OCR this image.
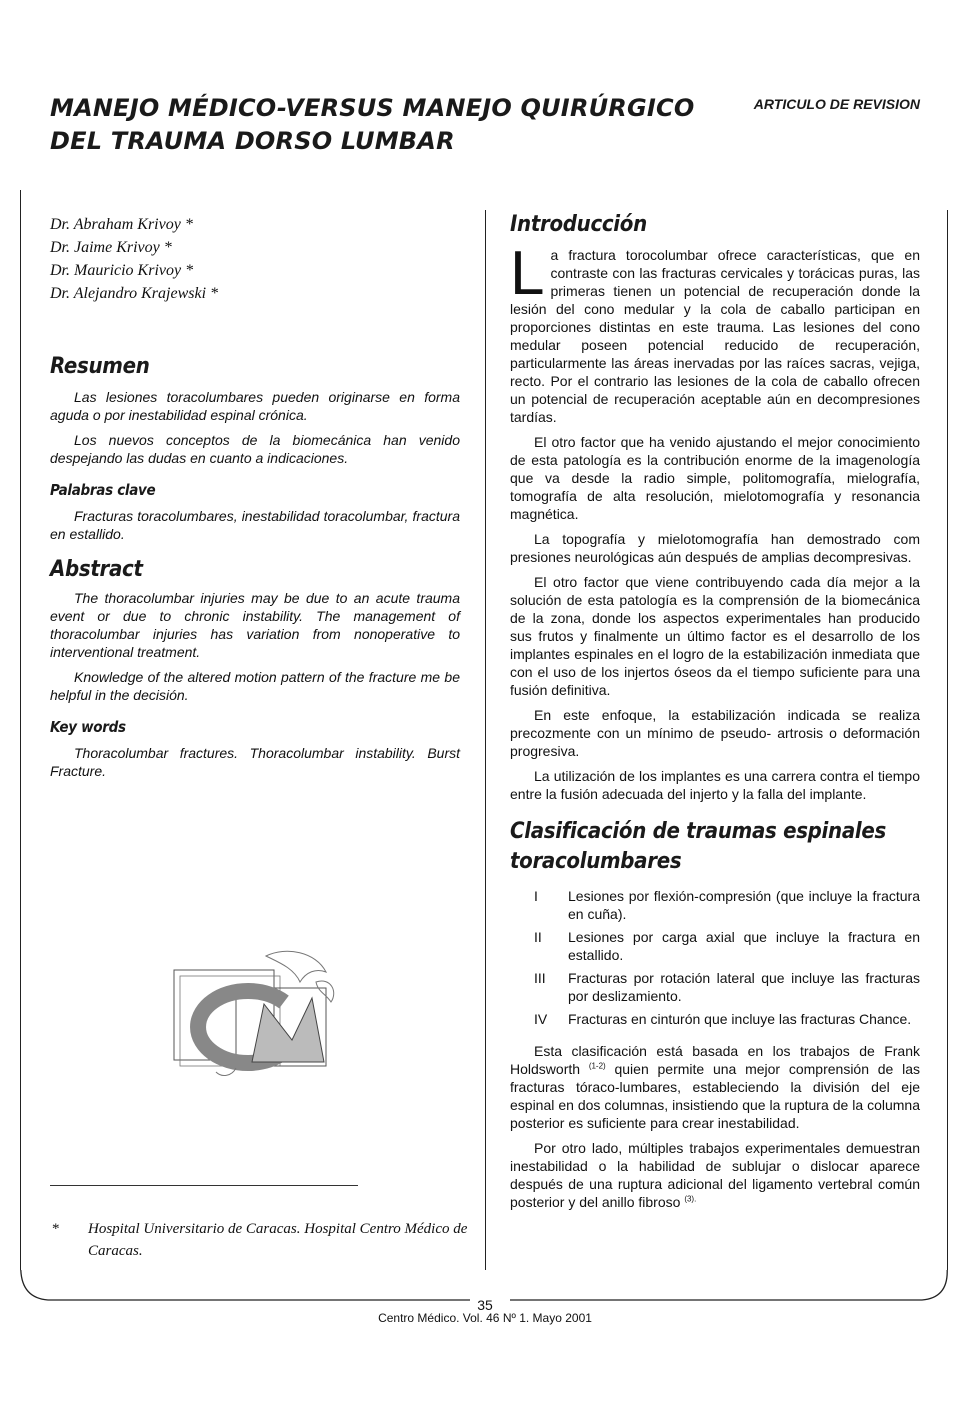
MANEJO MÉDICO-VERSUS MANEJO QUIRÚRGICO
DEL TRAUMA DORSO LUMBAR
ARTICULO DE REVISION
Dr. Abraham Krivoy *
Dr. Jaime Krivoy *
Dr. Mauricio Krivoy *
Dr. Alejandro Krajewski *
Resumen

Las lesiones toracolumbares pueden originarse en forma aguda o por inestabilidad espinal crónica.

Los nuevos conceptos de la biomecánica han venido despejando las dudas en cuanto a indicaciones.

Palabras clave

Fracturas toracolumbares, inestabilidad toracolumbar, fractura en estallido.

Abstract

The thoracolumbar injuries may be due to an acute trauma event or due to chronic instability. The management of thoracolumbar injuries has variation from nonoperative to interventional treatment.

Knowledge of the altered motion pattern of the fracture me be helpful in the decisión.

Key words

Thoracolumbar fractures. Thoracolumbar instability. Burst Fracture.

*	Hospital Universitario de Caracas. Hospital Centro Médico de Caracas.
Introducción

La fractura torocolumbar ofrece características, que en contraste con las fracturas cervicales y torácicas puras, las primeras tienen un potencial de recuperación donde la lesión del cono medular y la cola de caballo participan en proporciones distintas en este trauma. Las lesiones del cono medular poseen potencial reducido de recuperación, particularmente las áreas inervadas por las raíces sacras, vejiga, recto. Por el contrario las lesiones de la cola de caballo ofrecen un potencial de recuperación aceptable aún en decompresiones tardías.

El otro factor que ha venido ajustando el mejor conocimiento de esta patología es la contribución enorme de la imagenología que va desde la radio simple, politomografía, mielografía, tomografía de alta resolución, mielotomografía y resonancia magnética.

La topografía y mielotomografía han demostrado com presiones neurológicas aún después de amplias decompresivas.

El otro factor que viene contribuyendo cada día mejor a la solución de esta patología es la comprensión de la biomecánica de la zona, donde los aspectos experimentales han producido sus frutos y finalmente un último factor es el desarrollo de los implantes espinales en el logro de la estabilización inmediata que con el uso de los injertos óseos da el tiempo suficiente para una fusión definitiva.

En este enfoque, la estabilización indicada se realiza precozmente con un mínimo de pseudo- artrosis o deformación progresiva.

La utilización de los implantes es una carrera contra el tiempo entre la fusión adecuada del injerto y la falla del implante.

Clasificación de traumas espinales
toracolumbares
I Lesiones por flexión-compresión (que incluye la fractura en cuña).
II Lesiones por carga axial que incluye la fractura en estallido.
III Fracturas por rotación lateral que incluye las fracturas por deslizamiento.
IV Fracturas en cinturón que incluye las fracturas Chance.

Esta clasificación está basada en los trabajos de Frank Holdsworth $^{(1-2)}$ quien permite una mejor comprensión de las fracturas tóraco-lumbares, estableciendo la división del eje espinal en dos columnas, insistiendo que la ruptura de la columna posterior es suficiente para crear inestabilidad.

Por otro lado, múltiples trabajos experimentales demuestran inestabilidad o la habilidad de sublujar o dislocar aparece después de una ruptura adicional del ligamento vertebral común posterior y del anillo fibroso $^{(3).}$

35
Centro Médico. Vol. 46 Nº 1. Mayo 2001
